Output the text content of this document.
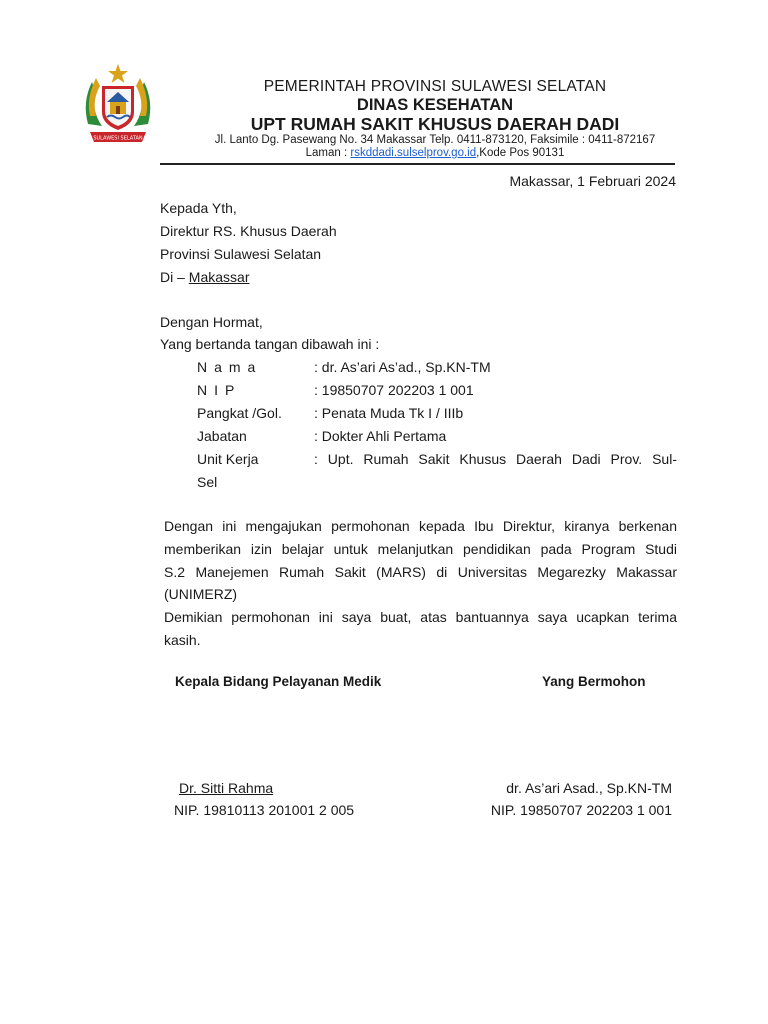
SULAWESI SELATAN
PEMERINTAH PROVINSI SULAWESI SELATAN
DINAS KESEHATAN
UPT RUMAH SAKIT KHUSUS DAERAH DADI
Jl. Lanto Dg. Pasewang No. 34 Makassar Telp. 0411-873120, Faksimile : 0411-872167
Laman : rskddadi.sulselprov.go.id,Kode Pos 90131
Makassar, 1 Februari 2024
Kepada Yth,
Direktur RS. Khusus Daerah
Provinsi Sulawesi Selatan
Di – Makassar
Dengan Hormat,
Yang bertanda tangan dibawah ini :
Nama	: dr. As’ari As’ad., Sp.KN-TM
NIP	: 19850707 202203 1 001
Pangkat /Gol. : Penata Muda Tk I / IIIb
Jabatan	: Dokter Ahli Pertama
Unit Kerja	: Upt. Rumah Sakit Khusus Daerah Dadi Prov. Sul-
Sel
Dengan ini mengajukan permohonan kepada Ibu Direktur, kiranya berkenan
memberikan izin belajar untuk melanjutkan pendidikan pada Program Studi
S.2 Manejemen Rumah Sakit (MARS) di Universitas Megarezky Makassar
(UNIMERZ)
Demikian permohonan ini saya buat, atas bantuannya saya ucapkan terima
kasih.
Kepala Bidang Pelayanan Medik	Yang Bermohon
Dr. Sitti Rahma
NIP. 19810113 201001 2 005
dr. As’ari Asad., Sp.KN-TM
NIP. 19850707 202203 1 001
